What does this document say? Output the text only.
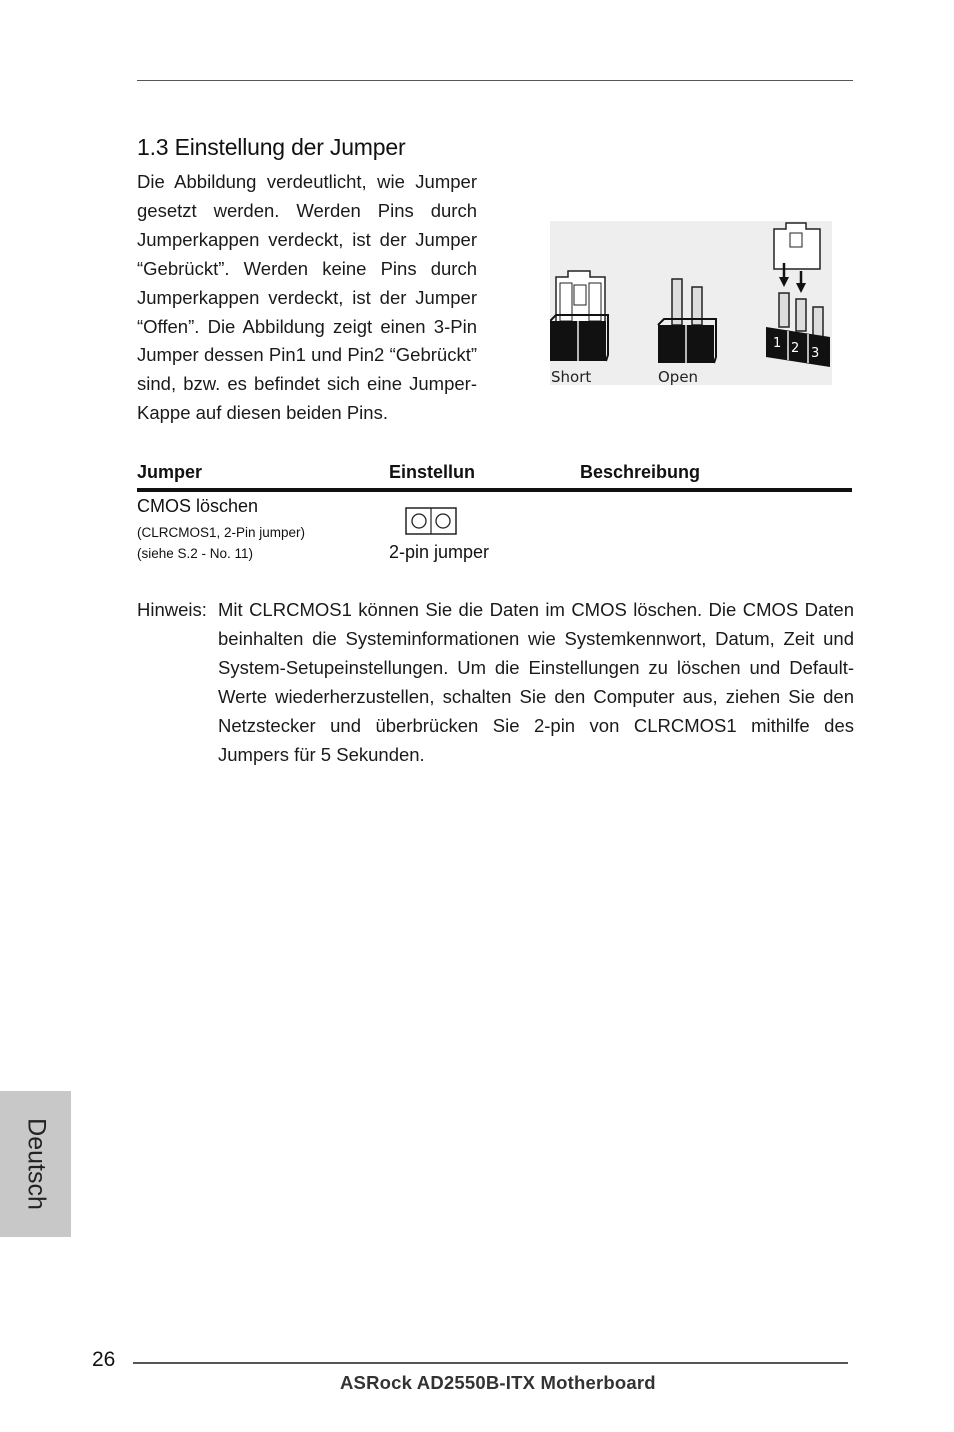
1.3 Einstellung der Jumper
Die Abbildung verdeutlicht, wie Jumper gesetzt werden. Werden Pins durch Jumperkappen verdeckt, ist der Jumper “Gebrückt”. Werden keine Pins durch Jumperkappen verdeckt, ist der Jumper “Offen”. Die Abbildung zeigt einen 3-Pin Jumper dessen Pin1 und Pin2 “Gebrückt” sind, bzw. es befindet sich eine Jumper-Kappe auf diesen beiden Pins.
Short	Open
1 2 3
Jumper	Einstellun	Beschreibung
CMOS löschen
(CLRCMOS1, 2-Pin jumper)
(siehe S.2 - No. 11)	2-pin jumper
Hinweis: Mit CLRCMOS1 können Sie die Daten im CMOS löschen. Die CMOS Daten beinhalten die Systeminformationen wie Systemkennwort, Datum, Zeit und System-Setupeinstellungen. Um die Einstellungen zu löschen und Default-Werte wiederherzustellen, schalten Sie den Computer aus, ziehen Sie den Netzstecker und überbrücken Sie 2-pin von CLRCMOS1 mithilfe des Jumpers für 5 Sekunden.
Deutsch
26
ASRock AD2550B-ITX Motherboard
